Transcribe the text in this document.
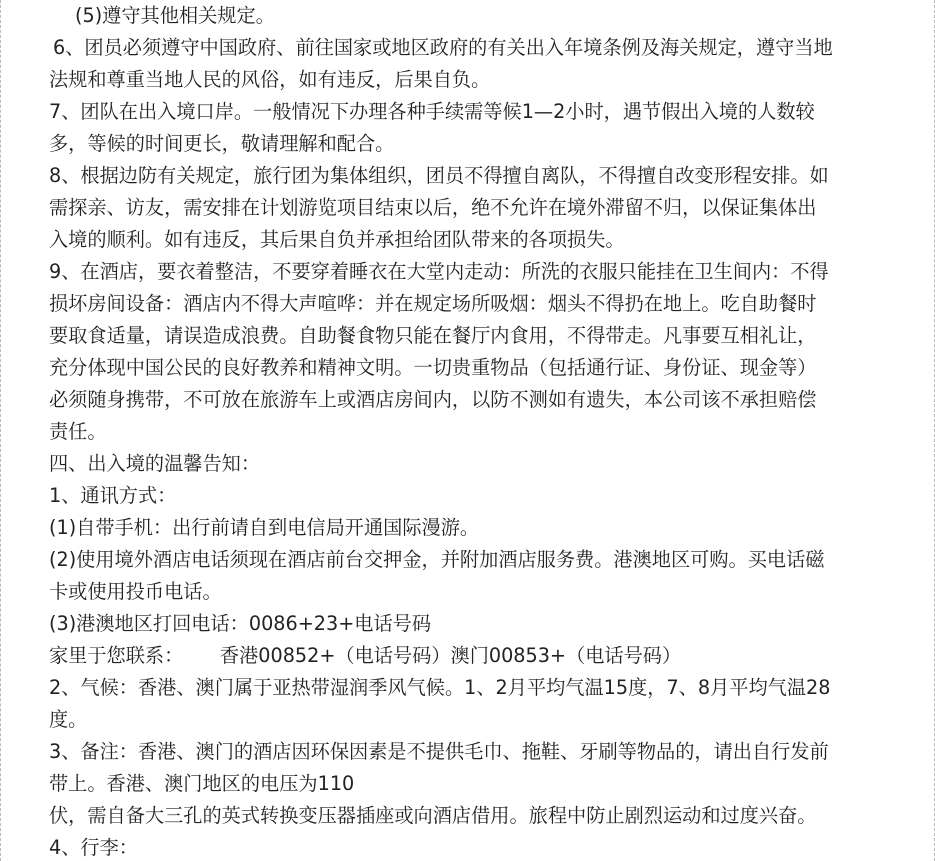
(5)遵守其他相关规定。

6、团员必须遵守中国政府、前往国家或地区政府的有关出入年境条例及海关规定，遵守当地
法规和尊重当地人民的风俗，如有违反，后果自负。

7、团队在出入境口岸。一般情况下办理各种手续需等候1—2小时，遇节假出入境的人数较
多，等候的时间更长，敬请理解和配合。

8、根据边防有关规定，旅行团为集体组织，团员不得擅自离队，不得擅自改变形程安排。如
需探亲、访友，需安排在计划游览项目结束以后，绝不允许在境外滞留不归，以保证集体出
入境的顺利。如有违反，其后果自负并承担给团队带来的各项损失。

9、在酒店，要衣着整洁，不要穿着睡衣在大堂内走动：所洗的衣服只能挂在卫生间内：不得
损坏房间设备：酒店内不得大声喧哗：并在规定场所吸烟：烟头不得扔在地上。吃自助餐时
要取食适量，请误造成浪费。自助餐食物只能在餐厅内食用，不得带走。凡事要互相礼让，
充分体现中国公民的良好教养和精神文明。一切贵重物品（包括通行证、身份证、现金等）
必须随身携带，不可放在旅游车上或酒店房间内，以防不测如有遗失，本公司该不承担赔偿
责任。

四、出入境的温馨告知：

1、通讯方式：

(1)自带手机：出行前请自到电信局开通国际漫游。

(2)使用境外酒店电话须现在酒店前台交押金，并附加酒店服务费。港澳地区可购。买电话磁
卡或使用投币电话。

(3)港澳地区打回电话：0086+23+电话号码

家里于您联系：      香港00852+（电话号码）澳门00853+（电话号码）

2、气候：香港、澳门属于亚热带湿润季风气候。1、2月平均气温15度，7、8月平均气温28
度。

3、备注：香港、澳门的酒店因环保因素是不提供毛巾、拖鞋、牙刷等物品的，请出自行发前
带上。香港、澳门地区的电压为110
伏，需自备大三孔的英式转换变压器插座或向酒店借用。旅程中防止剧烈运动和过度兴奋。

4、行李：
